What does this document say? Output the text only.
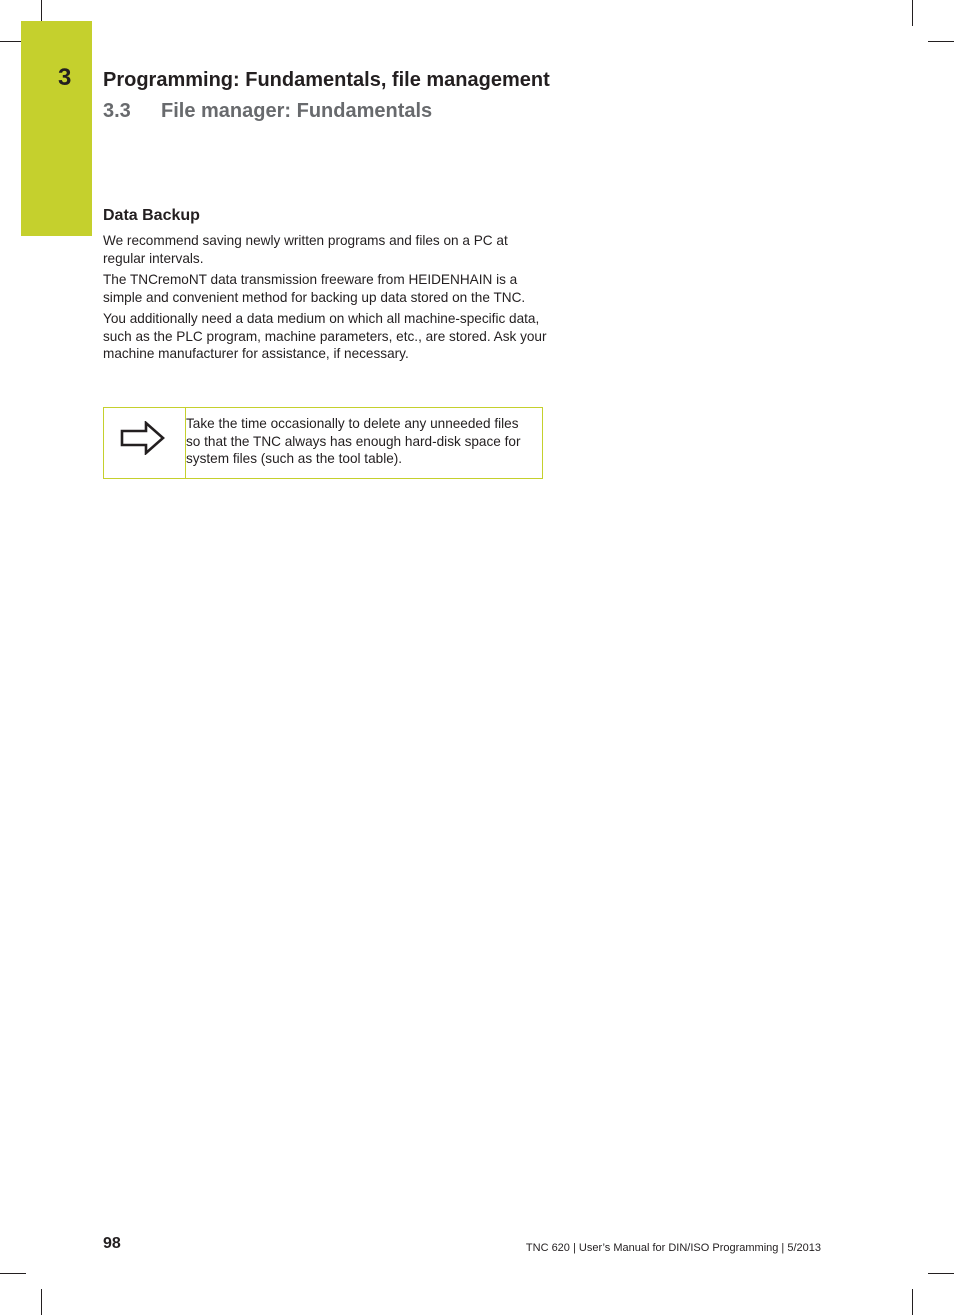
3 Programming: Fundamentals, file management
3.3 File manager: Fundamentals
Data Backup

We recommend saving newly written programs and files on a PC at regular intervals.

The TNCremoNT data transmission freeware from HEIDENHAIN is a simple and convenient method for backing up data stored on the TNC.

You additionally need a data medium on which all machine-specific data, such as the PLC program, machine parameters, etc., are stored. Ask your machine manufacturer for assistance, if necessary.

Take the time occasionally to delete any unneeded files so that the TNC always has enough hard-disk space for system files (such as the tool table).
98	TNC 620 | User’s Manual for DIN/ISO Programming | 5/2013
